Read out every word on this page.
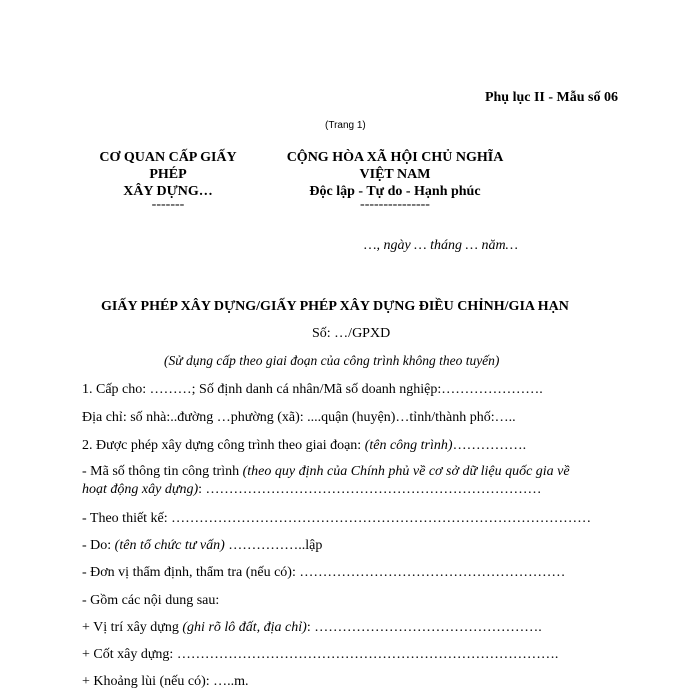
Phụ lục II - Mẫu số 06
(Trang 1)
CƠ QUAN CẤP GIẤY
PHÉP
XÂY DỰNG…
-------
CỘNG HÒA XÃ HỘI CHỦ NGHĨA
VIỆT NAM
Độc lập - Tự do - Hạnh phúc
---------------
…, ngày … tháng … năm…
GIẤY PHÉP XÂY DỰNG/GIẤY PHÉP XÂY DỰNG ĐIỀU CHỈNH/GIA HẠN
Số: …/GPXD
(Sử dụng cấp theo giai đoạn của công trình không theo tuyến)
1. Cấp cho: ………; Số định danh cá nhân/Mã số doanh nghiệp:………………….
Địa chỉ: số nhà:..đường …phường (xã): ....quận (huyện)…tỉnh/thành phố:…..
2. Được phép xây dựng công trình theo giai đoạn: (tên công trình)…………….
- Mã số thông tin công trình (theo quy định của Chính phủ về cơ sở dữ liệu quốc gia về
hoạt động xây dựng): ………………………………………………………………
- Theo thiết kế: ………………………………………………………………………………
- Do: (tên tổ chức tư vấn) ……………..lập
- Đơn vị thẩm định, thẩm tra (nếu có): …………………………………………………
- Gồm các nội dung sau:
+ Vị trí xây dựng (ghi rõ lô đất, địa chỉ): ………………………………………….
+ Cốt xây dựng: ……………………………………………………………………….
+ Khoảng lùi (nếu có): …..m.
